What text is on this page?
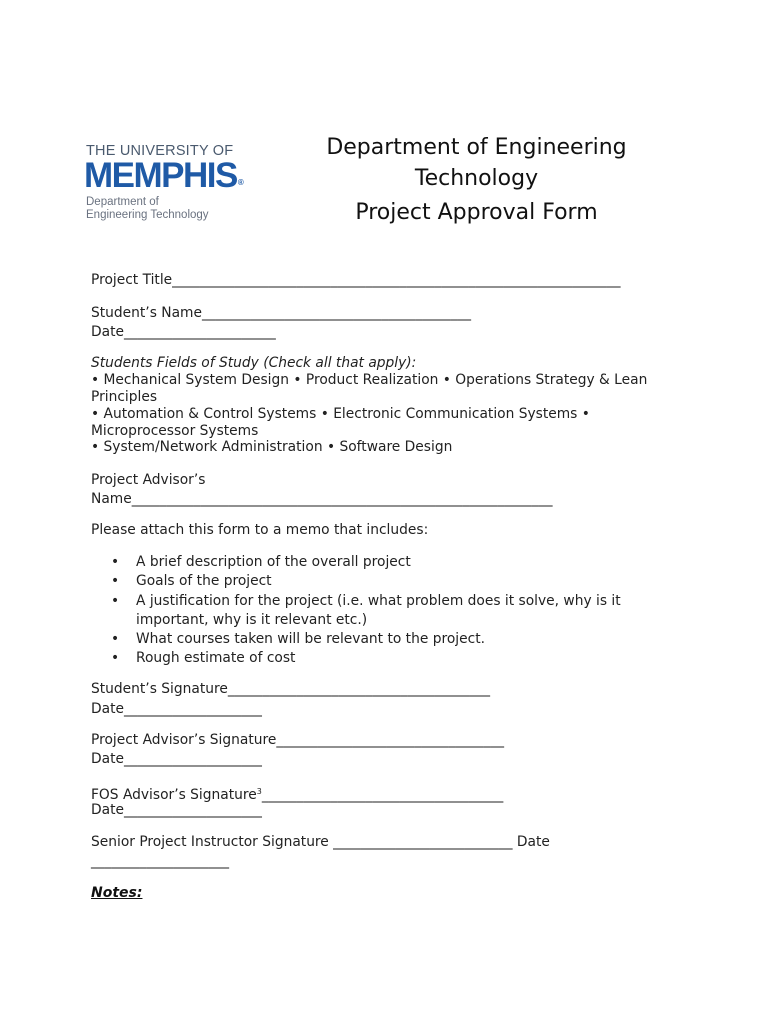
THE UNIVERSITY OF
MEMPHIS®
Department of
Engineering Technology
Department of Engineering
Technology
Project Approval Form
Project Title_________________________________________________________________
Student’s Name_______________________________________
Date______________________
Students Fields of Study (Check all that apply):
• Mechanical System Design • Product Realization • Operations Strategy & Lean
Principles
• Automation & Control Systems • Electronic Communication Systems •
Microprocessor Systems
• System/Network Administration • Software Design
Project Advisor’s
Name_____________________________________________________________
Please attach this form to a memo that includes:
• A brief description of the overall project
• Goals of the project
• A justification for the project (i.e. what problem does it solve, why is it
important, why is it relevant etc.)
• What courses taken will be relevant to the project.
• Rough estimate of cost
Student’s Signature______________________________________
Date____________________
Project Advisor’s Signature_________________________________
Date____________________
FOS Advisor’s Signature$^3$___________________________________
Date____________________
Senior Project Instructor Signature __________________________ Date
____________________
Notes:
